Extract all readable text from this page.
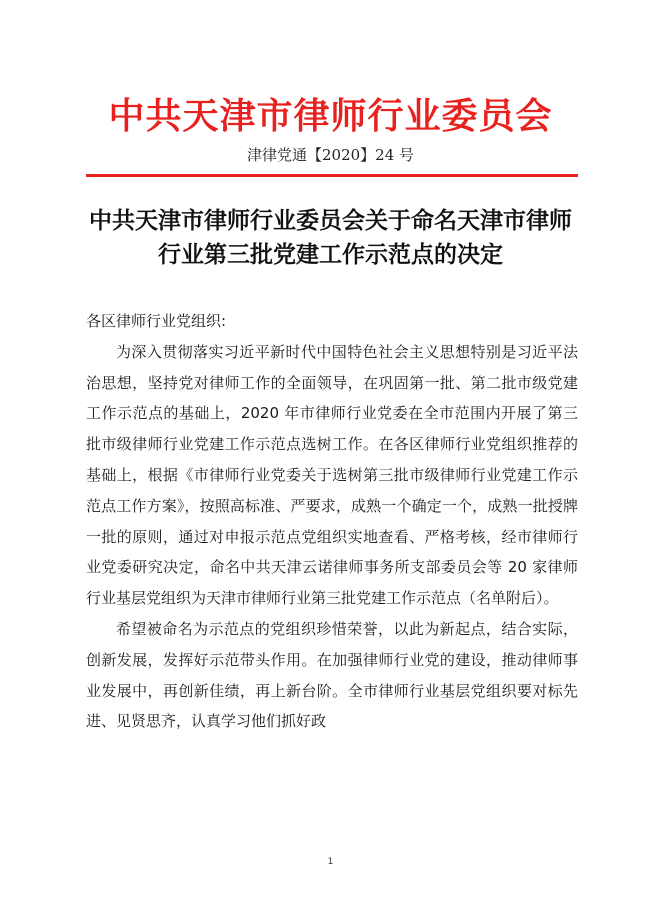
中共天津市律师行业委员会
津律党通【2020】24 号
中共天津市律师行业委员会关于命名天津市律师行业第三批党建工作示范点的决定

各区律师行业党组织:

为深入贯彻落实习近平新时代中国特色社会主义思想特别是习近平法治思想，坚持党对律师工作的全面领导，在巩固第一批、第二批市级党建工作示范点的基础上，2020 年市律师行业党委在全市范围内开展了第三批市级律师行业党建工作示范点选树工作。在各区律师行业党组织推荐的基础上，根据《市律师行业党委关于选树第三批市级律师行业党建工作示范点工作方案》，按照高标准、严要求，成熟一个确定一个，成熟一批授牌一批的原则，通过对申报示范点党组织实地查看、严格考核，经市律师行业党委研究决定，命名中共天津云诺律师事务所支部委员会等 20 家律师行业基层党组织为天津市律师行业第三批党建工作示范点（名单附后）。

希望被命名为示范点的党组织珍惜荣誉，以此为新起点，结合实际，创新发展，发挥好示范带头作用。在加强律师行业党的建设，推动律师事业发展中，再创新佳绩，再上新台阶。全市律师行业基层党组织要对标先进、见贤思齐，认真学习他们抓好政

1
